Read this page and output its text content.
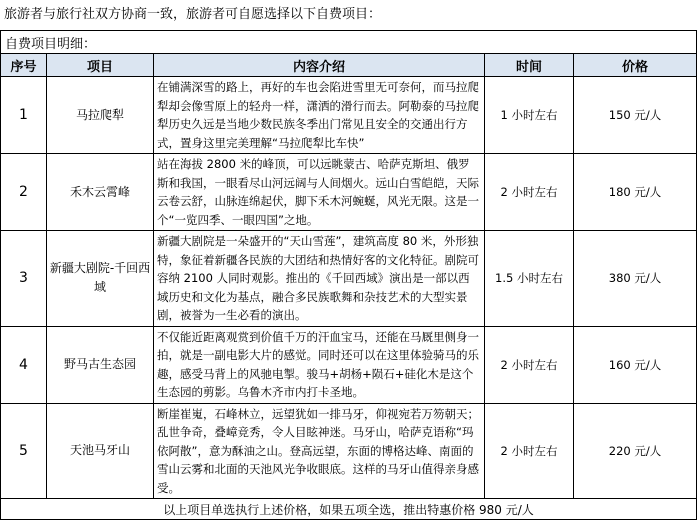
旅游者与旅行社双方协商一致，旅游者可自愿选择以下自费项目：
自费项目明细：				
序号	项目	内容介绍	时间	价格
1	马拉爬犁	在铺满深雪的路上，再好的车也会陷进雪里无可奈何，而马拉爬犁却会像雪原上的轻舟一样，潇洒的滑行而去。阿勒泰的马拉爬犁历史久远是当地少数民族冬季出门常见且安全的交通出行方式，置身这里完美理解“马拉爬犁比车快”	1 小时左右	150 元/人
2	禾木云霄峰	站在海拔 2800 米的峰顶，可以远眺蒙古、哈萨克斯坦、俄罗斯和我国，一眼看尽山河远阔与人间烟火。远山白雪皑皑，天际云卷云舒，山脉连绵起伏，脚下禾木河蜿蜒，风光无限。这是一个“一览四季、一眼四国”之地。	2 小时左右	180 元/人
3	新疆大剧院-千回西域	新疆大剧院是一朵盛开的“天山雪莲”，建筑高度 80 米，外形独特，象征着新疆各民族的大团结和热情好客的文化特征。剧院可容纳 2100 人同时观影。推出的《千回西域》演出是一部以西域历史和文化为基点，融合多民族歌舞和杂技艺术的大型实景剧，被誉为一生必看的演出。	1.5 小时左右	380 元/人
4	野马古生态园	不仅能近距离观赏到价值千万的汗血宝马，还能在马厩里侧身一拍，就是一副电影大片的感觉。同时还可以在这里体验骑马的乐趣，感受马背上的风驰电掣。骏马+胡杨+陨石+硅化木是这个生态园的剪影。乌鲁木齐市内打卡圣地。	2 小时左右	160 元/人
5	天池马牙山	断崖崔嵬，石峰林立，远望犹如一排马牙，仰视宛若万笏朝天；乱世争奇，叠嶂竞秀，令人目眩神迷。马牙山，哈萨克语称“玛依阿散”，意为酥油之山。登高远望，东面的博格达峰、南面的雪山云雾和北面的天池风光争收眼底。这样的马牙山值得亲身感受。	2 小时左右	220 元/人
以上项目单选执行上述价格，如果五项全选，推出特惠价格 980 元/人				
